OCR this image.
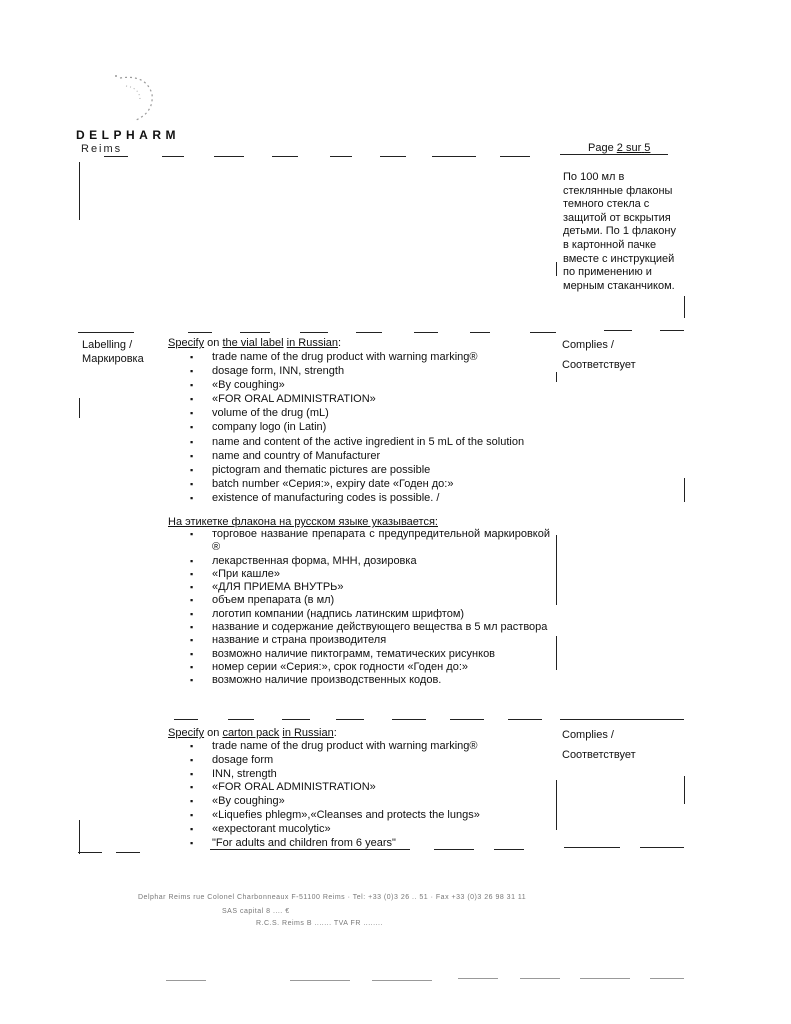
DELPHARM
Reims	Page 2 sur 5
По 100 мл в стеклянные флаконы темного стекла с защитой от вскрытия детьми. По 1 флакону в картонной пачке вместе с инструкцией по применению и мерным стаканчиком.
Labelling /
Маркировка
Complies /
Соответствует
Specify on the vial label in Russian:
▪ trade name of the drug product with warning marking®
▪ dosage form, INN, strength
▪ «By coughing»
▪ «FOR ORAL ADMINISTRATION»
▪ volume of the drug (mL)
▪ company logo (in Latin)
▪ name and content of the active ingredient in 5 mL of the solution
▪ name and country of Manufacturer
▪ pictogram and thematic pictures are possible
▪ batch number «Серия:», expiry date «Годен до:»
▪ existence of manufacturing codes is possible. /
На этикетке флакона на русском языке указывается:
▪ торговое название препарата с предупредительной маркировкой ®
▪ лекарственная форма, МНН, дозировка
▪ «При кашле»
▪ «ДЛЯ ПРИЕМА ВНУТРЬ»
▪ объем препарата (в мл)
▪ логотип компании (надпись латинским шрифтом)
▪ название и содержание действующего вещества в 5 мл раствора
▪ название и страна производителя
▪ возможно наличие пиктограмм, тематических рисунков
▪ номер серии «Серия:», срок годности «Годен до:»
▪ возможно наличие производственных кодов.
Complies /
Соответствует
Specify on carton pack in Russian:
▪ trade name of the drug product with warning marking®
▪ dosage form
▪ INN, strength
▪ «FOR ORAL ADMINISTRATION»
▪ «By coughing»
▪ «Liquefies phlegm»,«Cleanses and protects the lungs»
▪ «expectorant mucolytic»
▪ "For adults and children from 6 years"
Delphar Reims rue Colonel Charbonneaux F-51100 Reims · Tel: +33 (0)3 26 .. 51 · Fax +33 (0)3 26 98 31 11
SAS capital 8 .... €
R.C.S. Reims B ....... TVA FR ........
